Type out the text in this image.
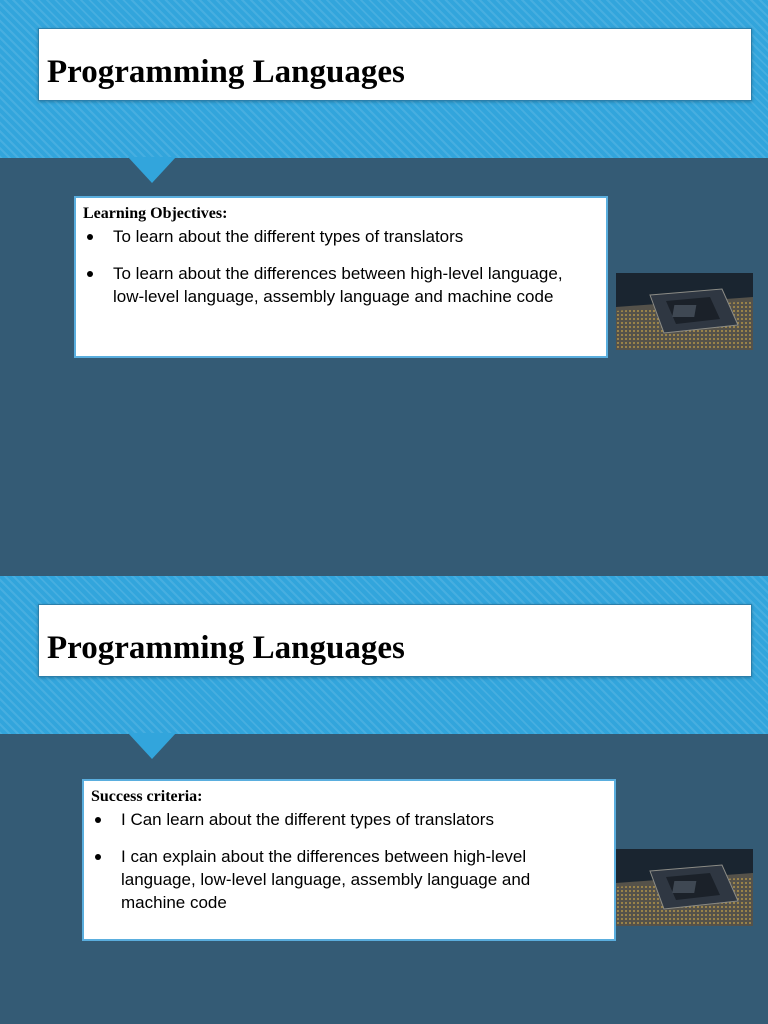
Programming Languages

Learning Objectives:

To learn about the different types of translators
To learn about the differences between high-level language, low-level language, assembly language and machine code
Programming Languages

Success criteria:

I Can learn about the different types of translators
I can explain about the differences between high-level language, low-level language, assembly language and machine code
